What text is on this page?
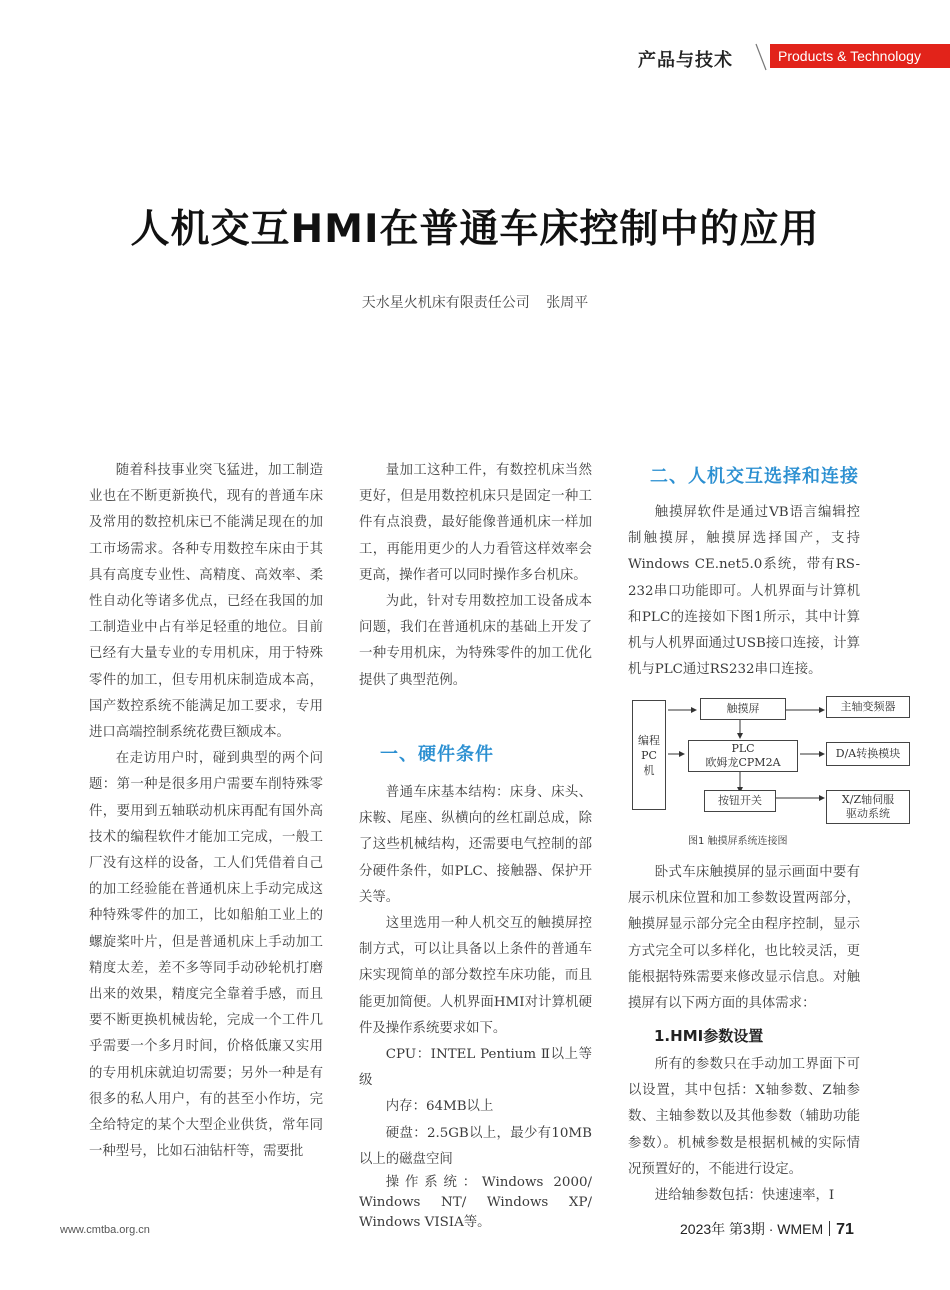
产品与技术	Products & Technology
人机交互HMI在普通车床控制中的应用
天水星火机床有限责任公司 张周平

随着科技事业突飞猛进，加工制造业也在不断更新换代，现有的普通车床及常用的数控机床已不能满足现在的加工市场需求。各种专用数控车床由于其具有高度专业性、高精度、高效率、柔性自动化等诸多优点，已经在我国的加工制造业中占有举足轻重的地位。目前已经有大量专业的专用机床，用于特殊零件的加工，但专用机床制造成本高，国产数控系统不能满足加工要求，专用进口高端控制系统花费巨额成本。

在走访用户时，碰到典型的两个问题：第一种是很多用户需要车削特殊零件，要用到五轴联动机床再配有国外高技术的编程软件才能加工完成，一般工厂没有这样的设备，工人们凭借着自己的加工经验能在普通机床上手动完成这种特殊零件的加工，比如船舶工业上的螺旋桨叶片，但是普通机床上手动加工精度太差，差不多等同手动砂轮机打磨出来的效果，精度完全靠着手感，而且要不断更换机械齿轮，完成一个工件几乎需要一个多月时间，价格低廉又实用的专用机床就迫切需要；另外一种是有很多的私人用户，有的甚至小作坊，完全给特定的某个大型企业供货，常年同一种型号，比如石油钻杆等，需要批

量加工这种工件，有数控机床当然更好，但是用数控机床只是固定一种工件有点浪费，最好能像普通机床一样加工，再能用更少的人力看管这样效率会更高，操作者可以同时操作多台机床。

为此，针对专用数控加工设备成本问题，我们在普通机床的基础上开发了一种专用机床，为特殊零件的加工优化提供了典型范例。

一、硬件条件

普通车床基本结构：床身、床头、床鞍、尾座、纵横向的丝杠副总成，除了这些机械结构，还需要电气控制的部分硬件条件，如PLC、接触器、保护开关等。

这里选用一种人机交互的触摸屏控制方式，可以让具备以上条件的普通车床实现简单的部分数控车床功能，而且能更加简便。人机界面HMI对计算机硬件及操作系统要求如下。

CPU：INTEL Pentium Ⅱ以上等级

内存：64MB以上

硬盘：2.5GB以上，最少有10MB以上的磁盘空间

操作系统：Windows 2000/ Windows NT/ Windows XP/ Windows VISIA等。

二、人机交互选择和连接

触摸屏软件是通过VB语言编辑控制触摸屏，触摸屏选择国产，支持Windows CE.net5.0系统，带有RS-232串口功能即可。人机界面与计算机和PLC的连接如下图1所示，其中计算机与人机界面通过USB接口连接，计算机与PLC通过RS232串口连接。

编程PC机
触摸屏
PLC
欧姆龙CPM2A
按钮开关
主轴变频器
D/A转换模块
X/Z轴伺服
驱动系统
图1 触摸屏系统连接图

卧式车床触摸屏的显示画面中要有展示机床位置和加工参数设置两部分，触摸屏显示部分完全由程序控制，显示方式完全可以多样化，也比较灵活，更能根据特殊需要来修改显示信息。对触摸屏有以下两方面的具体需求：

1.HMI参数设置

所有的参数只在手动加工界面下可以设置，其中包括：X轴参数、Z轴参数、主轴参数以及其他参数（辅助功能参数）。机械参数是根据机械的实际情况预置好的，不能进行设定。

进给轴参数包括：快速速率，I

www.cmtba.org.cn	2023年 第3期 · WMEM 71
